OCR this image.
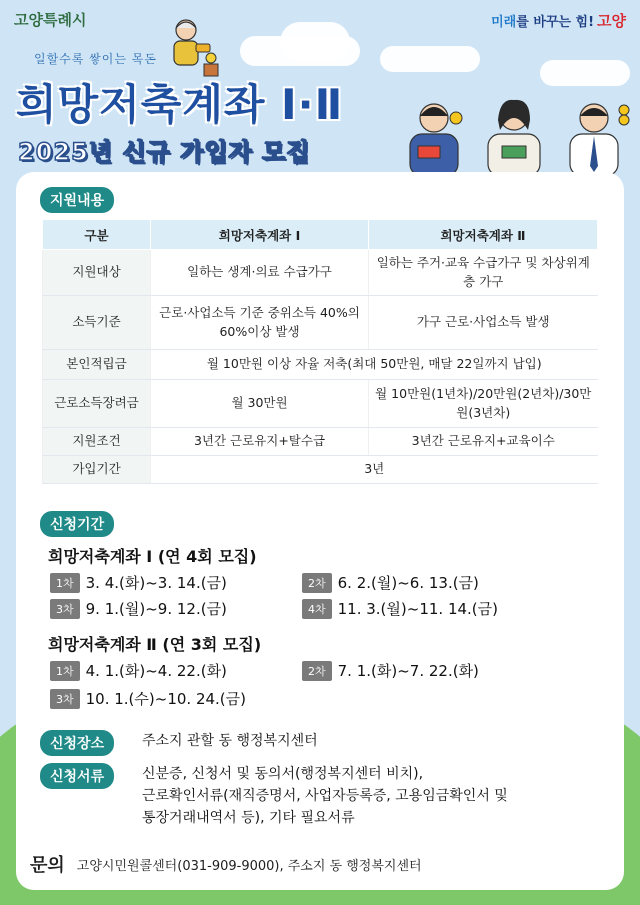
고양특례시	미래를 바꾸는 힘! 고양
일할수록 쌓이는 목돈
희망저축계좌 Ⅰ·Ⅱ
2025년 신규 가입자 모집
지원내용
구분	희망저축계좌 Ⅰ	희망저축계좌 Ⅱ
지원대상	일하는 생계·의료 수급가구	일하는 주거·교육 수급가구 및 차상위계층 가구
소득기준	근로·사업소득 기준 중위소득 40%의 60%이상 발생	가구 근로·사업소득 발생
본인적립금	월 10만원 이상 자율 저축(최대 50만원, 매달 22일까지 납입)	
근로소득장려금	월 30만원	월 10만원(1년차)/20만원(2년차)/30만원(3년차)
지원조건	3년간 근로유지+탈수급	3년간 근로유지+교육이수
가입기간	3년	
신청기간
희망저축계좌 Ⅰ (연 4회 모집)
1차 3. 4.(화)~3. 14.(금)	2차 6. 2.(월)~6. 13.(금)
3차 9. 1.(월)~9. 12.(금)	4차 11. 3.(월)~11. 14.(금)
희망저축계좌 Ⅱ (연 3회 모집)
1차 4. 1.(화)~4. 22.(화)	2차 7. 1.(화)~7. 22.(화)
3차 10. 1.(수)~10. 24.(금)
신청장소	주소지 관할 동 행정복지센터
신청서류	신분증, 신청서 및 동의서(행정복지센터 비치),
근로확인서류(재직증명서, 사업자등록증, 고용임금확인서 및
통장거래내역서 등), 기타 필요서류
문의 고양시민원콜센터(031-909-9000), 주소지 동 행정복지센터
